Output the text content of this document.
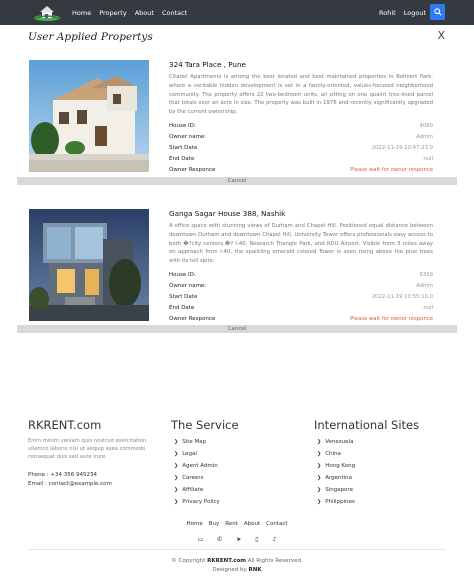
Home Property About Contact	Rohit Logout
User Applied Propertys	X
324 Tara Place , Pune
Citadel Apartments is among the best located and best maintained properties in Rohnert Park, where a veritable hidden development is set in a family-oriented, values-focused neighborhood community. The property offers 22 two-bedroom units, all sitting on one quaint tree-lined parcel that totals over an acre in size. The property was built in 1976 and recently significantly upgraded by the current ownership.
House ID:	4060
Owner name:	Admin
Start Date	2022-11-19 10:47:23.0
End Date	null
Owner Responce	Please wait for owner responce
Cancel
Ganga Sagar House 388, Nashik
A office space with stunning views of Durham and Chapel Hill. Positioned equal distance between downtown Durham and downtown Chapel Hill, University Tower offers professionals easy access to both �?city centers,�? I-40, Research Triangle Park, and RDU Airport. Visible from 3 miles away on approach from I-40, the sparkling emerald colored Tower is seen rising above the pine trees with its tell spire.
House ID:	6359
Owner name:	Admin
Start Date	2022-11-19 10:55:10.0
End Date	null
Owner Responce	Please wait for owner responce
Cancel
RKRENT.com
Enim minim veniam quis nostrud exercitation ullamco laboris nisi ut aliquip exea commodo consequat duis sed aute irure.
Phone : +34 356 945234
Email : contact@example.com
The Service
❯ Site Map
❯ Legal
❯ Agent Admin
❯ Careers
❯ Affiliate
❯ Privacy Policy
International Sites
❯ Venezuela
❯ China
❯ Hong Kong
❯ Argentina
❯ Singapore
❯ Philippines
Home Buy Rent About Contact
▭ ✆ ➤ ▯ ♪
© Copyright RKRENT.com All Rights Reserved.
Designed by RNK
